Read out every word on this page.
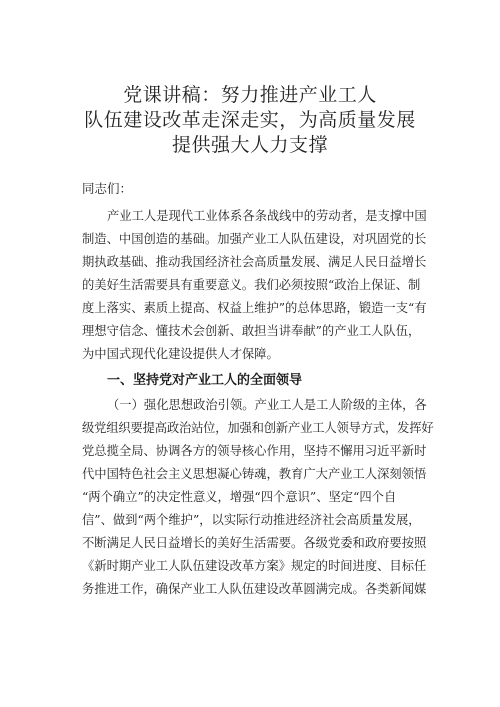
党课讲稿：努力推进产业工人
队伍建设改革走深走实，为高质量发展
提供强大人力支撑
同志们：
产业工人是现代工业体系各条战线中的劳动者，是支撑中国
制造、中国创造的基础。加强产业工人队伍建设，对巩固党的长
期执政基础、推动我国经济社会高质量发展、满足人民日益增长
的美好生活需要具有重要意义。我们必须按照“政治上保证、制
度上落实、素质上提高、权益上维护”的总体思路，锻造一支“有
理想守信念、懂技术会创新、敢担当讲奉献”的产业工人队伍，
为中国式现代化建设提供人才保障。
一、坚持党对产业工人的全面领导
（一）强化思想政治引领。产业工人是工人阶级的主体，各
级党组织要提高政治站位，加强和创新产业工人领导方式，发挥好
党总揽全局、协调各方的领导核心作用，坚持不懈用习近平新时
代中国特色社会主义思想凝心铸魂，教育广大产业工人深刻领悟
“两个确立”的决定性意义，增强“四个意识”、坚定“四个自
信”、做到“两个维护”，以实际行动推进经济社会高质量发展，
不断满足人民日益增长的美好生活需要。各级党委和政府要按照
《新时期产业工人队伍建设改革方案》规定的时间进度、目标任
务推进工作，确保产业工人队伍建设改革圆满完成。各类新闻媒
